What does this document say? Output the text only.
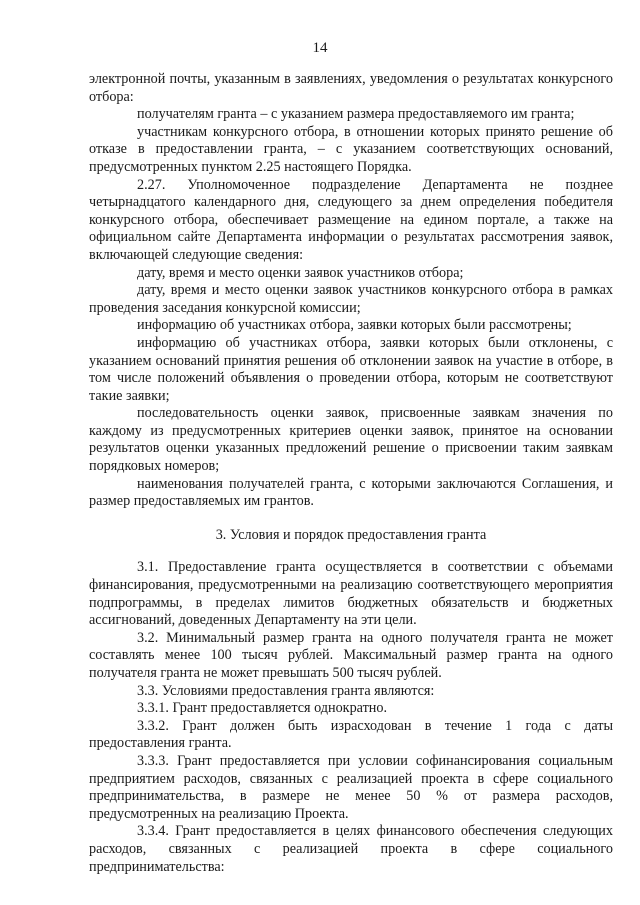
14

электронной почты, указанным в заявлениях, уведомления о результатах конкурсного отбора:

получателям гранта – с указанием размера предоставляемого им гранта;

участникам конкурсного отбора, в отношении которых принято решение об отказе в предоставлении гранта, – с указанием соответствующих оснований, предусмотренных пунктом 2.25 настоящего Порядка.

2.27. Уполномоченное подразделение Департамента не позднее четырнадцатого календарного дня, следующего за днем определения победителя конкурсного отбора, обеспечивает размещение на едином портале, а также на официальном сайте Департамента информации о результатах рассмотрения заявок, включающей следующие сведения:

дату, время и место оценки заявок участников отбора;

дату, время и место оценки заявок участников конкурсного отбора в рамках проведения заседания конкурсной комиссии;

информацию об участниках отбора, заявки которых были рассмотрены;

информацию об участниках отбора, заявки которых были отклонены, с указанием оснований принятия решения об отклонении заявок на участие в отборе, в том числе положений объявления о проведении отбора, которым не соответствуют такие заявки;

последовательность оценки заявок, присвоенные заявкам значения по каждому из предусмотренных критериев оценки заявок, принятое на основании результатов оценки указанных предложений решение о присвоении таким заявкам порядковых номеров;

наименования получателей гранта, с которыми заключаются Соглашения, и размер предоставляемых им грантов.

3. Условия и порядок предоставления гранта

3.1. Предоставление гранта осуществляется в соответствии с объемами финансирования, предусмотренными на реализацию соответствующего мероприятия подпрограммы, в пределах лимитов бюджетных обязательств и бюджетных ассигнований, доведенных Департаменту на эти цели.

3.2. Минимальный размер гранта на одного получателя гранта не может составлять менее 100 тысяч рублей. Максимальный размер гранта на одного получателя гранта не может превышать 500 тысяч рублей.

3.3. Условиями предоставления гранта являются:

3.3.1. Грант предоставляется однократно.

3.3.2. Грант должен быть израсходован в течение 1 года с даты предоставления гранта.

3.3.3. Грант предоставляется при условии софинансирования социальным предприятием расходов, связанных с реализацией проекта в сфере социального предпринимательства, в размере не менее 50 % от размера расходов, предусмотренных на реализацию Проекта.

3.3.4. Грант предоставляется в целях финансового обеспечения следующих расходов, связанных с реализацией проекта в сфере социального предпринимательства:
